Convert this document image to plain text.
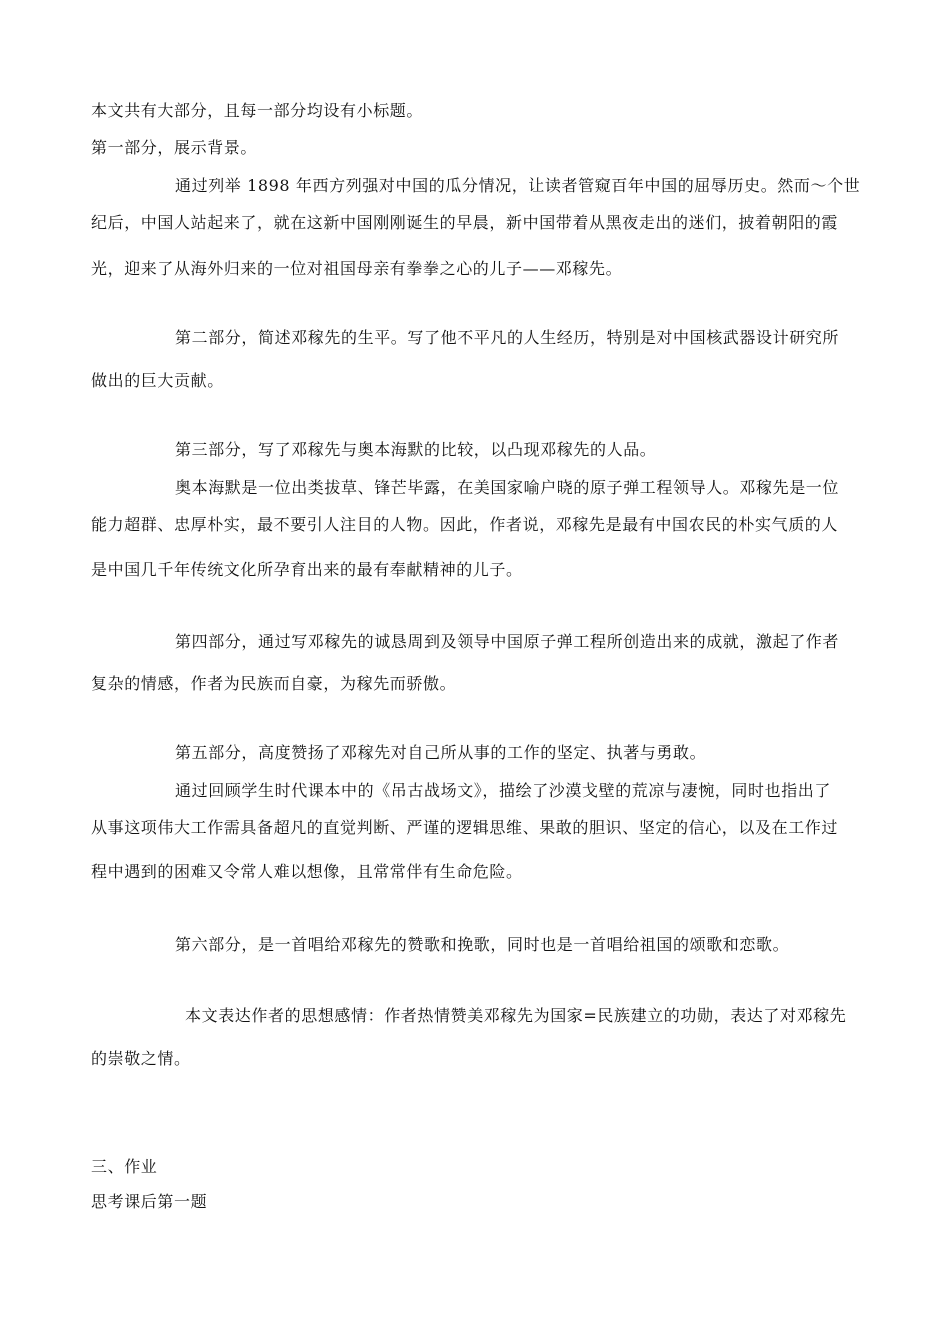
本文共有大部分，且每一部分均设有小标题。
第一部分，展示背景。
通过列举 1898 年西方列强对中国的瓜分情况，让读者管窥百年中国的屈辱历史。然而～个世
纪后，中国人站起来了，就在这新中国刚刚诞生的早晨，新中国带着从黑夜走出的迷们，披着朝阳的霞
光，迎来了从海外归来的一位对祖国母亲有拳拳之心的儿子——邓稼先。
第二部分，简述邓稼先的生平。写了他不平凡的人生经历，特别是对中国核武器设计研究所
做出的巨大贡献。
第三部分，写了邓稼先与奥本海默的比较，以凸现邓稼先的人品。
奥本海默是一位出类拔草、锋芒毕露，在美国家喻户晓的原子弹工程领导人。邓稼先是一位
能力超群、忠厚朴实，最不要引人注目的人物。因此，作者说，邓稼先是最有中国农民的朴实气质的人
是中国几千年传统文化所孕育出来的最有奉献精神的儿子。
第四部分，通过写邓稼先的诚恳周到及领导中国原子弹工程所创造出来的成就，激起了作者
复杂的情感，作者为民族而自豪，为稼先而骄傲。
第五部分，高度赞扬了邓稼先对自己所从事的工作的坚定、执著与勇敢。
通过回顾学生时代课本中的《吊古战场文》，描绘了沙漠戈壁的荒凉与凄惋，同时也指出了
从事这项伟大工作需具备超凡的直觉判断、严谨的逻辑思维、果敢的胆识、坚定的信心，以及在工作过
程中遇到的困难又令常人难以想像，且常常伴有生命危险。
第六部分，是一首唱给邓稼先的赞歌和挽歌，同时也是一首唱给祖国的颂歌和恋歌。
本文表达作者的思想感情：作者热情赞美邓稼先为国家=民族建立的功勋，表达了对邓稼先
的崇敬之情。
三、作业
思考课后第一题
